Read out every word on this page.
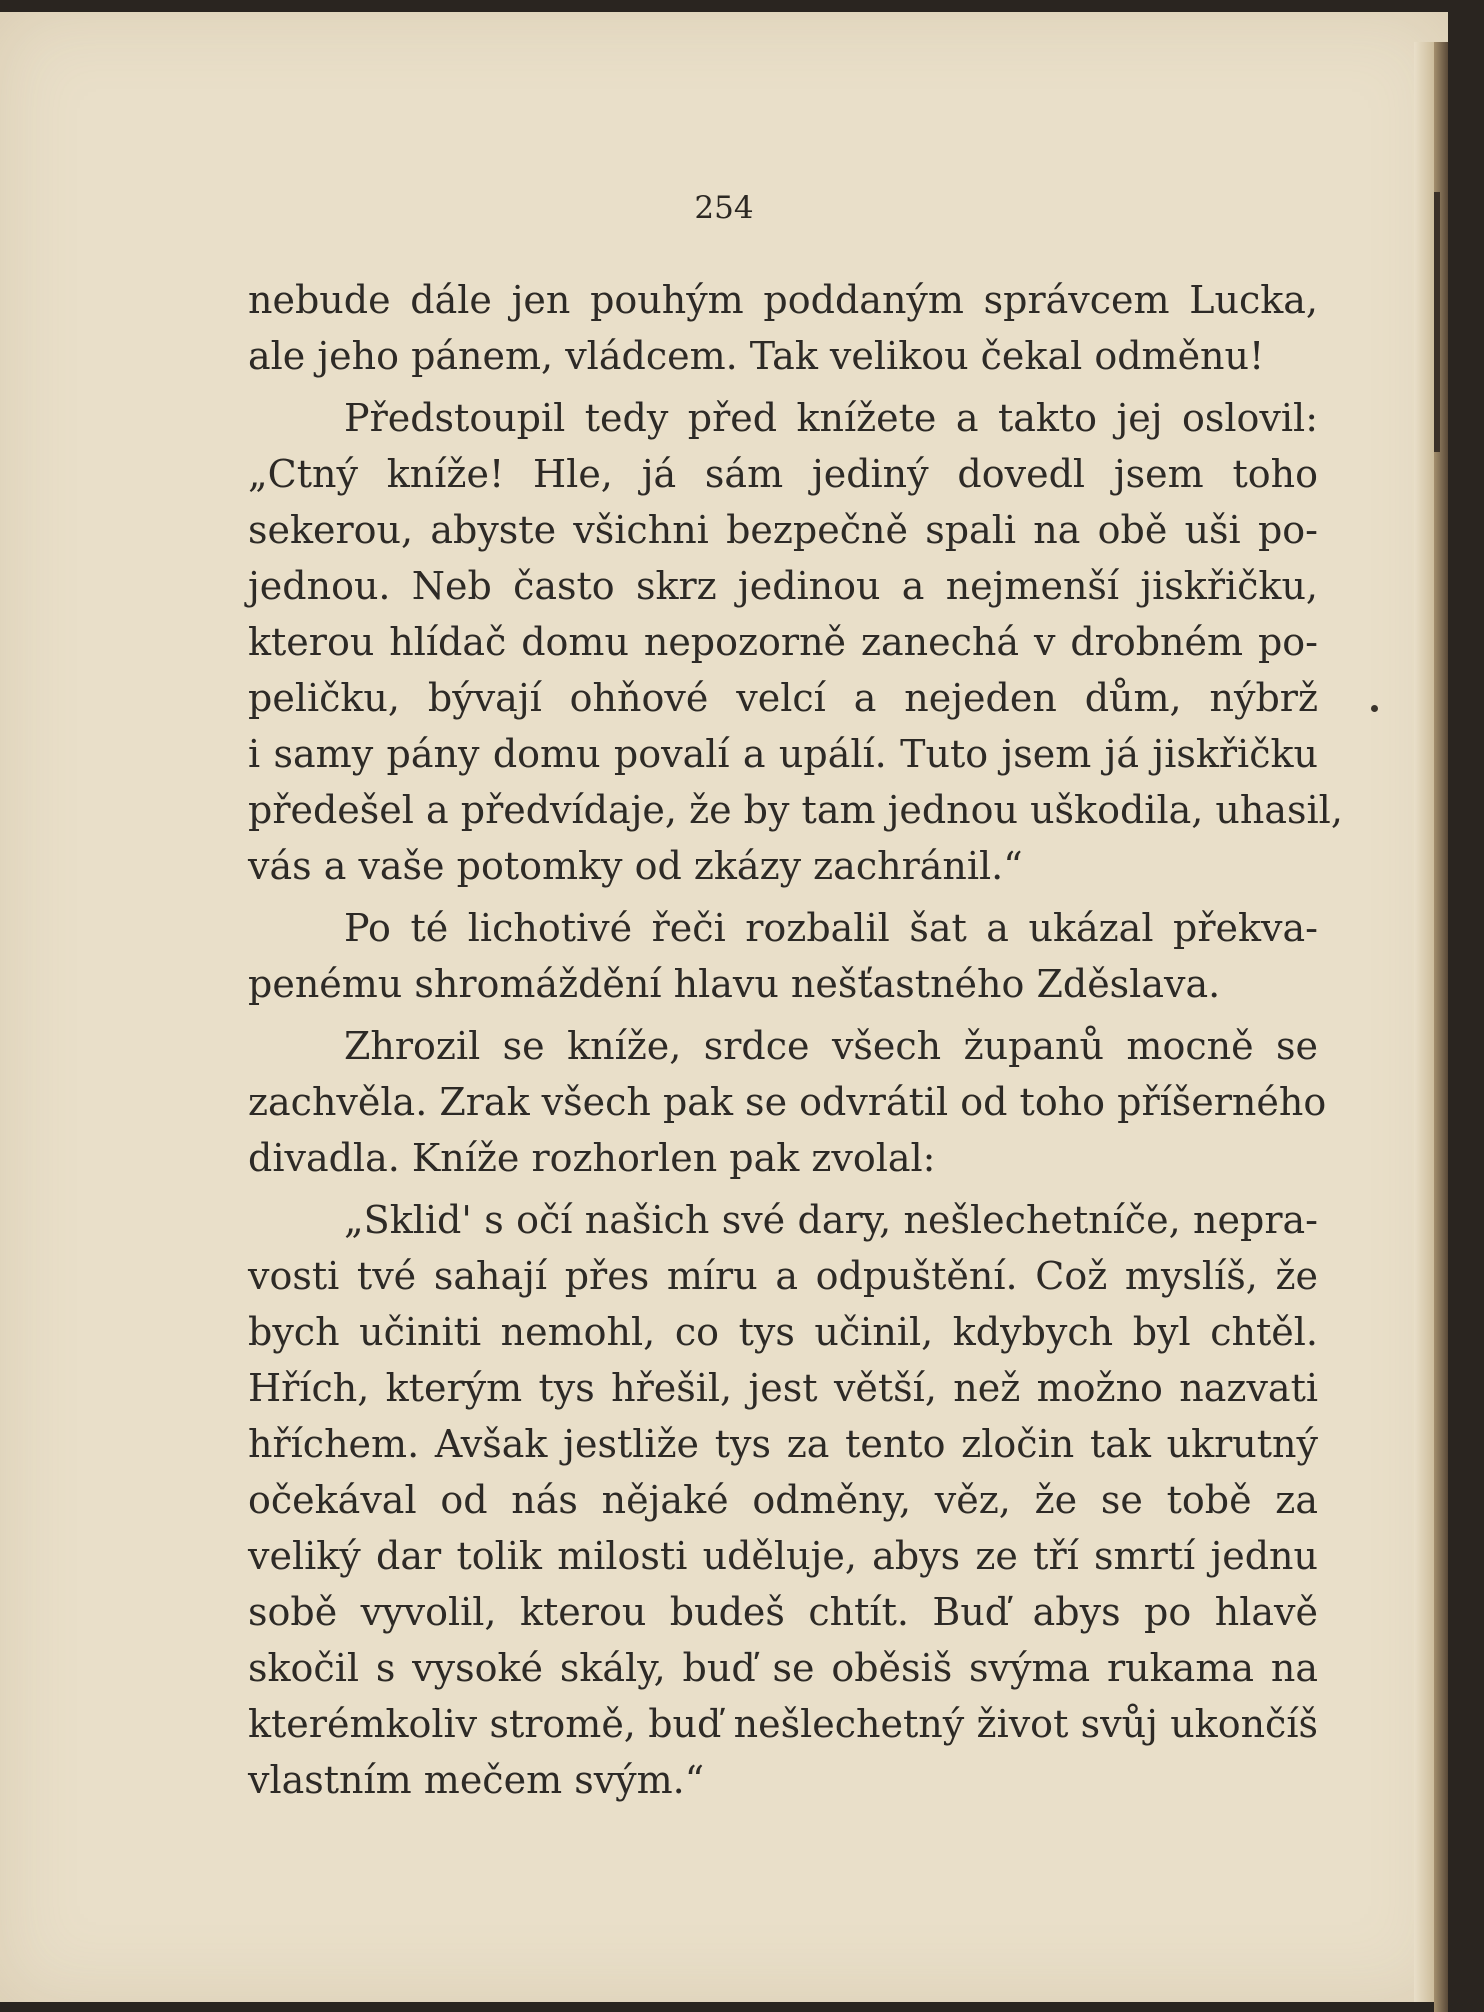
254
nebude dále jen pouhým poddaným správcem Lucka,
ale jeho pánem, vládcem. Tak velikou čekal odměnu!
Předstoupil tedy před knížete a takto jej oslovil:
„Ctný kníže! Hle, já sám jediný dovedl jsem toho
sekerou, abyste všichni bezpečně spali na obě uši po-
jednou. Neb často skrz jedinou a nejmenší jiskřičku,
kterou hlídač domu nepozorně zanechá v drobném po-
peličku, bývají ohňové velcí a nejeden dům, nýbrž
i samy pány domu povalí a upálí. Tuto jsem já jiskřičku
předešel a předvídaje, že by tam jednou uškodila, uhasil,
vás a vaše potomky od zkázy zachránil.“
Po té lichotivé řeči rozbalil šat a ukázal překva-
penému shromáždění hlavu nešťastného Zděslava.
Zhrozil se kníže, srdce všech županů mocně se
zachvěla. Zrak všech pak se odvrátil od toho příšerného
divadla. Kníže rozhorlen pak zvolal:
„Sklid' s očí našich své dary, nešlechetníče, nepra-
vosti tvé sahají přes míru a odpuštění. Což myslíš, že
bych učiniti nemohl, co tys učinil, kdybych byl chtěl.
Hřích, kterým tys hřešil, jest větší, než možno nazvati
hříchem. Avšak jestliže tys za tento zločin tak ukrutný
očekával od nás nějaké odměny, věz, že se tobě za
veliký dar tolik milosti uděluje, abys ze tří smrtí jednu
sobě vyvolil, kterou budeš chtít. Buď abys po hlavě
skočil s vysoké skály, buď se oběsiš svýma rukama na
kterémkoliv stromě, buď nešlechetný život svůj ukončíš
vlastním mečem svým.“
